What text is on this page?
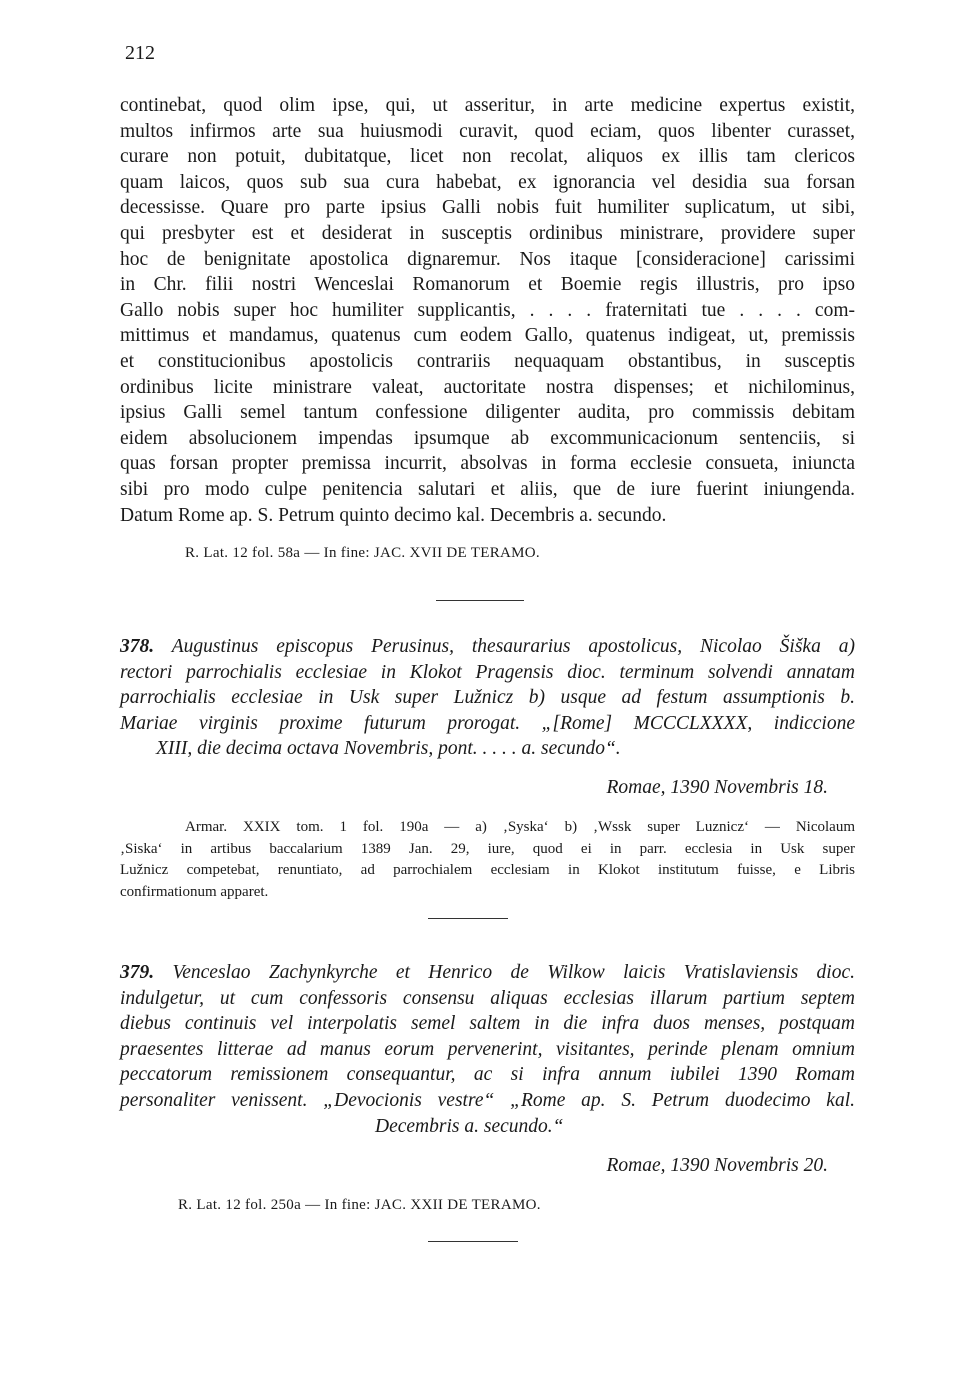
212
continebat, quod olim ipse, qui, ut asseritur, in arte medicine expertus existit,
multos infirmos arte sua huiusmodi curavit, quod eciam, quos libenter curasset,
curare non potuit, dubitatque, licet non recolat, aliquos ex illis tam clericos
quam laicos, quos sub sua cura habebat, ex ignorancia vel desidia sua forsan
decessisse. Quare pro parte ipsius Galli nobis fuit humiliter suplicatum, ut sibi,
qui presbyter est et desiderat in susceptis ordinibus ministrare, providere super
hoc de benignitate apostolica dignaremur. Nos itaque [consideracione] carissimi
in Chr. filii nostri Wenceslai Romanorum et Boemie regis illustris, pro ipso
Gallo nobis super hoc humiliter supplicantis, . . . . fraternitati tue . . . . com-
mittimus et mandamus, quatenus cum eodem Gallo, quatenus indigeat, ut, premissis
et constitucionibus apostolicis contrariis nequaquam obstantibus, in susceptis
ordinibus licite ministrare valeat, auctoritate nostra dispenses; et nichilominus,
ipsius Galli semel tantum confessione diligenter audita, pro commissis debitam
eidem absolucionem impendas ipsumque ab excommunicacionum sentenciis, si
quas forsan propter premissa incurrit, absolvas in forma ecclesie consueta, iniuncta
sibi pro modo culpe penitencia salutari et aliis, que de iure fuerint iniungenda.
Datum Rome ap. S. Petrum quinto decimo kal. Decembris a. secundo.
R. Lat. 12 fol. 58a — In fine: JAC. XVII DE TERAMO.
378. Augustinus episcopus Perusinus, thesaurarius apostolicus, Nicolao Šiška a)
rectori parrochialis ecclesiae in Klokot Pragensis dioc. terminum solvendi annatam
parrochialis ecclesiae in Usk super Lužnicz b) usque ad festum assumptionis b.
Mariae virginis proxime futurum prorogat. „[Rome] MCCCLXXXX, indiccione
XIII, die decima octava Novembris, pont. . . . . a. secundo“.
Romae, 1390 Novembris 18.
Armar. XXIX tom. 1 fol. 190a — a) ‚Syska‘ b) ‚Wssk super Luznicz‘ — Nicolaum
‚Siska‘ in artibus baccalarium 1389 Jan. 29, iure, quod ei in parr. ecclesia in Usk super
Lužnicz competebat, renuntiato, ad parrochialem ecclesiam in Klokot institutum fuisse, e Libris
confirmationum apparet.
379. Venceslao Zachynkyrche et Henrico de Wilkow laicis Vratislaviensis dioc.
indulgetur, ut cum confessoris consensu aliquas ecclesias illarum partium septem
diebus continuis vel interpolatis semel saltem in die infra duos menses, postquam
praesentes litterae ad manus eorum pervenerint, visitantes, perinde plenam omnium
peccatorum remissionem consequantur, ac si infra annum iubilei 1390 Romam
personaliter venissent. „Devocionis vestre“ „Rome ap. S. Petrum duodecimo kal.
Decembris a. secundo.“
Romae, 1390 Novembris 20.
R. Lat. 12 fol. 250a — In fine: JAC. XXII DE TERAMO.
